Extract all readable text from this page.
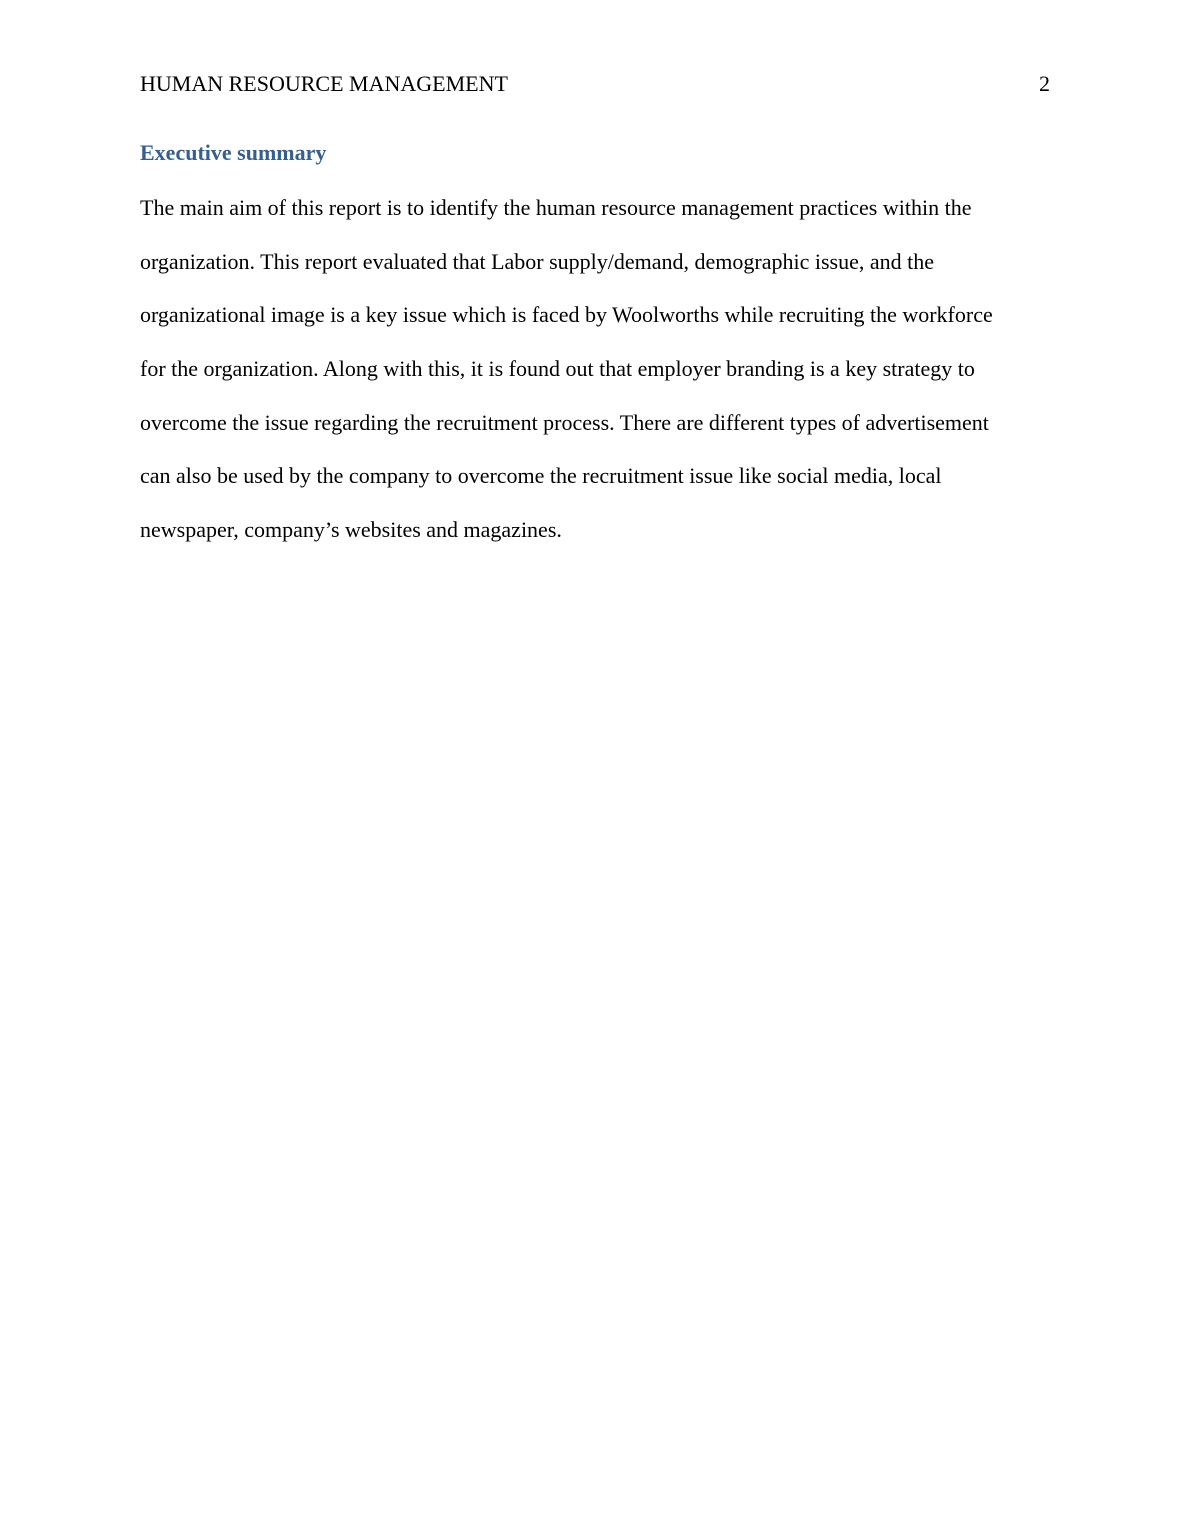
HUMAN RESOURCE MANAGEMENT	2
Executive summary

The main aim of this report is to identify the human resource management practices within the
organization. This report evaluated that Labor supply/demand, demographic issue, and the
organizational image is a key issue which is faced by Woolworths while recruiting the workforce
for the organization. Along with this, it is found out that employer branding is a key strategy to
overcome the issue regarding the recruitment process. There are different types of advertisement
can also be used by the company to overcome the recruitment issue like social media, local
newspaper, company’s websites and magazines.
